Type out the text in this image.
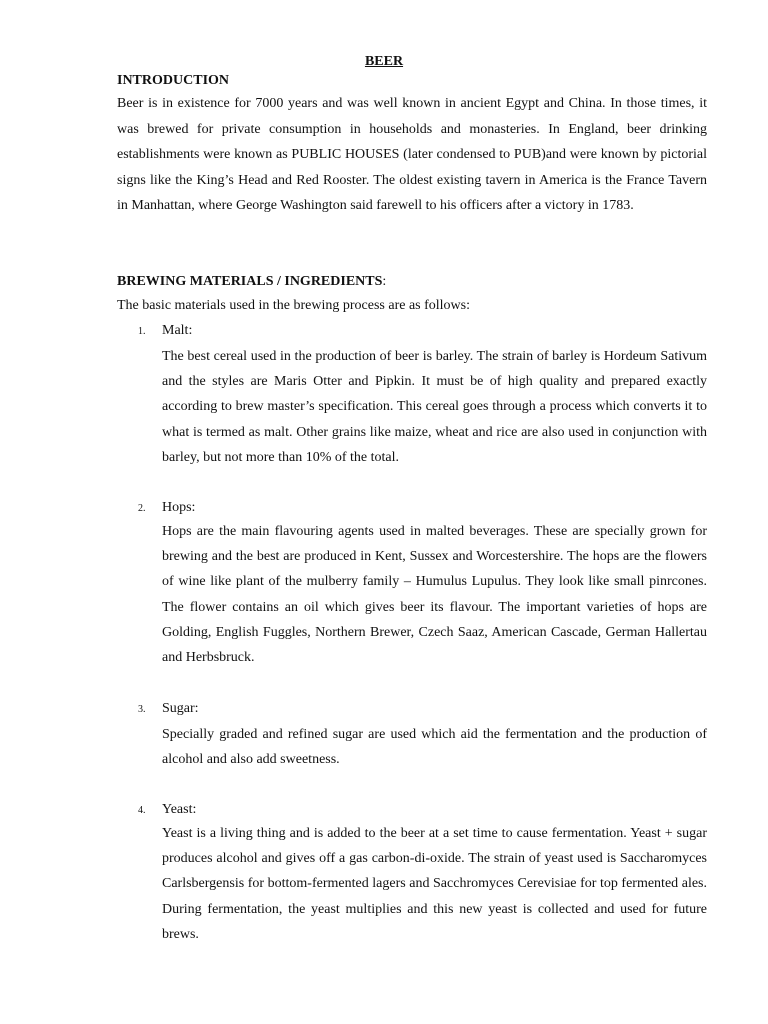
BEER
INTRODUCTION
Beer is in existence for 7000 years and was well known in ancient Egypt and China. In those times, it was brewed for private consumption in households and monasteries. In England, beer drinking establishments were known as PUBLIC HOUSES (later condensed to PUB)and were known by pictorial signs like the King’s Head and Red Rooster. The oldest existing tavern in America is the France Tavern in Manhattan, where George Washington said farewell to his officers after a victory in 1783.
BREWING MATERIALS / INGREDIENTS:
The basic materials used in the brewing process are as follows:
1. Malt:
The best cereal used in the production of beer is barley. The strain of barley is Hordeum Sativum and the styles are Maris Otter and Pipkin. It must be of high quality and prepared exactly according to brew master’s specification. This cereal goes through a process which converts it to what is termed as malt. Other grains like maize, wheat and rice are also used in conjunction with barley, but not more than 10% of the total.
2. Hops:
Hops are the main flavouring agents used in malted beverages. These are specially grown for brewing and the best are produced in Kent, Sussex and Worcestershire. The hops are the flowers of wine like plant of the mulberry family – Humulus Lupulus. They look like small pinrcones. The flower contains an oil which gives beer its flavour. The important varieties of hops are Golding, English Fuggles, Northern Brewer, Czech Saaz, American Cascade, German Hallertau and Herbsbruck.
3. Sugar:
Specially graded and refined sugar are used which aid the fermentation and the production of alcohol and also add sweetness.
4. Yeast:
Yeast is a living thing and is added to the beer at a set time to cause fermentation. Yeast + sugar produces alcohol and gives off a gas carbon-di-oxide. The strain of yeast used is Saccharomyces Carlsbergensis for bottom-fermented lagers and Sacchromyces Cerevisiae for top fermented ales. During fermentation, the yeast multiplies and this new yeast is collected and used for future brews.
